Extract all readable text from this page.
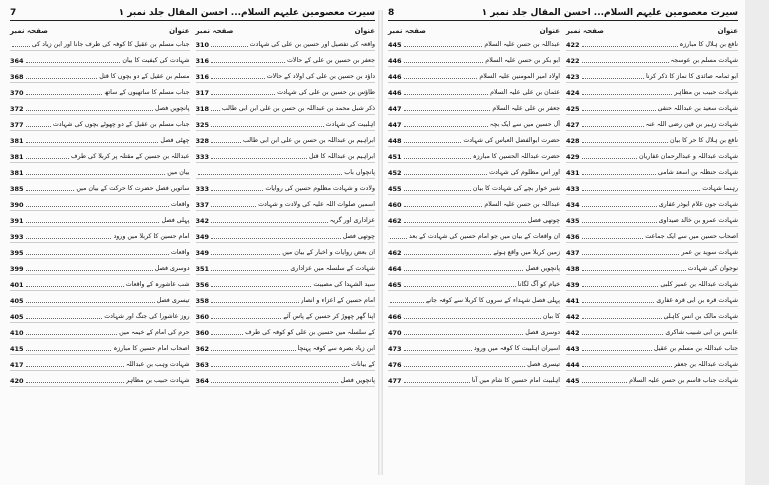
سیرت معصومین علیہم السلام... احسن المقال جلد نمبر ۱
8
عنوان
صفحہ نمبر
نافع بن ہلال کا مبارزہ
422
شہادت مسلم بن عوسجہ
422
ابو ثمامہ صائدی کا نماز کا ذکر کرنا
423
شہادت حبیب بن مظاہر
424
شہادت سعید بن عبداللہ حنفی
425
شہادت زہیر بن قین رضی اللہ عنہ
427
نافع بن ہلال کا حر کا بیان
428
شہادت عبداللہ و عبدالرحمان غفاریان
429
شہادت حنظلہ بن اسعد شامی
431
رہنما شہادت
433
شہادت جون غلام ابوذر غفاری
434
شہادت عمرو بن خالد صیداوی
435
اصحاب حسین میں سے ایک جماعت
436
شہادت سوید بن عمر
437
نوجوان کی شہادت
438
شہادت عبداللہ بن عمیر کلبی
439
شہادت قرہ بن ابی قرہ غفاری
441
شہادت مالک بن انس کاہلی
442
عابس بن ابی شبیب شاکری
442
جناب عبداللہ بن مسلم بن عقیل
443
شہادت عبداللہ بن جعفر
444
شہادت جناب قاسم بن حسن علیہ السلام
445
عنوان
صفحہ نمبر
عبداللہ بن حسن علیہ السلام
445
ابو بکر بن حسن علیہ السلام
446
اولاد امیر المومنین علیہ السلام
446
عثمان بن علی علیہ السلام
446
جعفر بن علی علیہ السلام
447
آل حسین میں سے ایک بچہ
447
حضرت ابوالفضل العباس کی شہادت
448
حضرت عبداللہ الحسین کا مبارزہ
451
اور اس مظلوم کی شہادت
452
شیر خوار بچے کی شہادت کا بیان
455
عبداللہ بن حسن علیہ السلام
460
چوتھی فصل
462
ان واقعات کے بیان میں جو امام حسین کی شہادت کے بعد
زمین کربلا میں واقع ہوئے
462
پانچویں فصل
464
خیام کو آگ لگانا
465
پہلی فصل شہداء کے سروں کا کربلا سے کوفہ جانے
کا بیان
466
دوسری فصل
470
اسیران اہلبیت کا کوفہ میں ورود
473
تیسری فصل
476
اہلبیت امام حسین کا شام میں آنا
477
سیرت معصومین علیہم السلام... احسن المقال جلد نمبر ۱
7
عنوان
صفحہ نمبر
واقعہ کی تفصیل اور حسین بن علی کی شہادت
310
جعفر بن حسین بن علی کے حالات
316
داؤد بن حسین بن علی کی اولاد کے حالات
316
طاؤس بن حسین بن علی کی شہادت
317
ذکر شبل محمد بن عبداللہ بن حسن بن علی ابن ابی طالب
318
اہلبیت کی شہادت
325
ابراہیم بن عبداللہ بن حسن بن علی ابن ابی طالب
328
ابراہیم بن عبداللہ کا قتل
333
پانچواں باب
ولادت و شہادت مظلوم حسین کی روایات
333
اسمین صلوات اللہ علیہ کی ولادت و شہادت
337
عزاداری اور گریہ
342
چوتھی فصل
349
ان بعض روایات و اخبار کے بیان میں
349
شہادت کے سلسلہ میں عزاداری
351
سید الشہدا کی مصیبت
356
امام حسین کے اعزاء و انصار
358
اپنا گھر چھوڑ کر حسین کے پاس آئے
360
کے سلسلہ میں حسین بن علی کو کوفہ کی طرف
360
ابن زیاد بصرہ سے کوفہ پہنچا
362
کے بیانات
363
پانچویں فصل
364
عنوان
صفحہ نمبر
جناب مسلم بن عقیل کا کوفہ کی طرف جانا اور ابن زیاد کی
شہادت کی کیفیت کا بیان
364
مسلم بن عقیل کے دو بچوں کا قتل
368
جناب مسلم کا ساتھیوں کے ساتھ
370
پانچویں فصل
372
جناب مسلم بن عقیل کے دو چھوٹے بچوں کی شہادت
377
چھٹی فصل
381
عبداللہ بن حسین کے مقتلہ پر کربلا کی طرف
381
بیان میں
381
ساتویں فصل حضرت کا حرکت کے بیان میں
385
واقعات
390
پہلی فصل
391
امام حسین کا کربلا میں ورود
393
واقعات
395
دوسری فصل
399
شب عاشورہ کے واقعات
401
تیسری فصل
405
روز عاشورا کی جنگ اور شہادت
405
حرم کی امام کے خیمہ میں
410
اصحاب امام حسین کا مبارزہ
415
شہادت وہب بن عبداللہ
417
شہادت حبیب بن مظاہر
420
